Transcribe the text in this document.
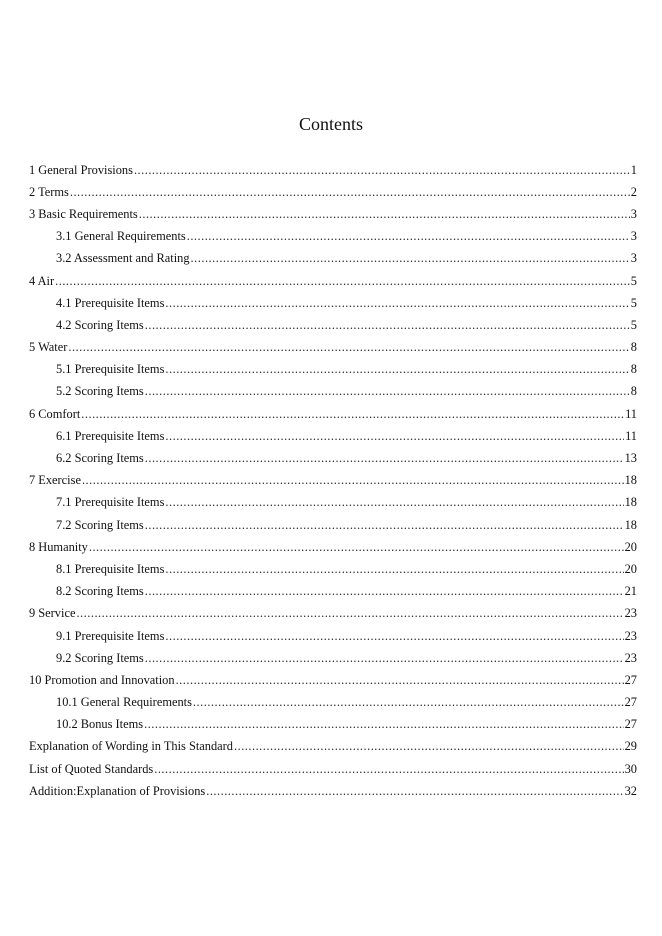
Contents
1 General Provisions .....	1
2 Terms .....	2
3 Basic Requirements .....	3
3.1 General Requirements .....	3
3.2 Assessment and Rating .....	3
4 Air .....	5
4.1 Prerequisite Items .....	5
4.2 Scoring Items .....	5
5 Water .....	8
5.1 Prerequisite Items .....	8
5.2 Scoring Items .....	8
6 Comfort .....	11
6.1 Prerequisite Items .....	11
6.2 Scoring Items .....	13
7 Exercise .....	18
7.1 Prerequisite Items .....	18
7.2 Scoring Items .....	18
8 Humanity .....	20
8.1 Prerequisite Items .....	20
8.2 Scoring Items .....	21
9 Service .....	23
9.1 Prerequisite Items .....	23
9.2 Scoring Items .....	23
10 Promotion and Innovation .....	27
10.1 General Requirements .....	27
10.2 Bonus Items .....	27
Explanation of Wording in This Standard .....	29
List of Quoted Standards .....	30
Addition:Explanation of Provisions .....	32
